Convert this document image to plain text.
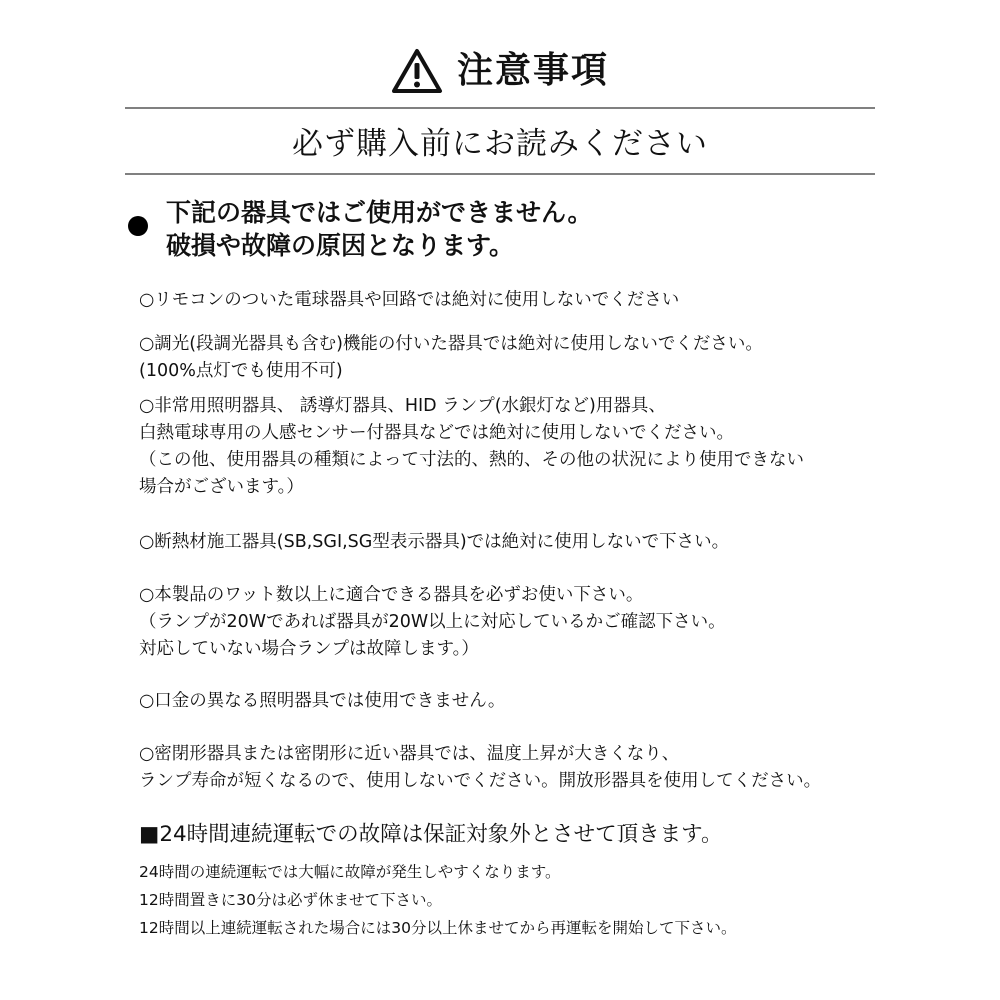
注意事項
必ず購入前にお読みください
下記の器具ではご使用ができません。
破損や故障の原因となります。
○リモコンのついた電球器具や回路では絶対に使用しないでください
○調光(段調光器具も含む)機能の付いた器具では絶対に使用しないでください。
(100%点灯でも使用不可)
○非常用照明器具、 誘導灯器具、HID ランプ(水銀灯など)用器具、
白熱電球専用の人感センサー付器具などでは絶対に使用しないでください。
（この他、使用器具の種類によって寸法的、熱的、その他の状況により使用できない
場合がございます。）
○断熱材施工器具(SB,SGI,SG型表示器具)では絶対に使用しないで下さい。
○本製品のワット数以上に適合できる器具を必ずお使い下さい。
（ランプが20Wであれば器具が20W以上に対応しているかご確認下さい。
対応していない場合ランプは故障します。）
○口金の異なる照明器具では使用できません。
○密閉形器具または密閉形に近い器具では、温度上昇が大きくなり、
ランプ寿命が短くなるので、使用しないでください。開放形器具を使用してください。
■24時間連続運転での故障は保証対象外とさせて頂きます。
24時間の連続運転では大幅に故障が発生しやすくなります。
12時間置きに30分は必ず休ませて下さい。
12時間以上連続運転された場合には30分以上休ませてから再運転を開始して下さい。
